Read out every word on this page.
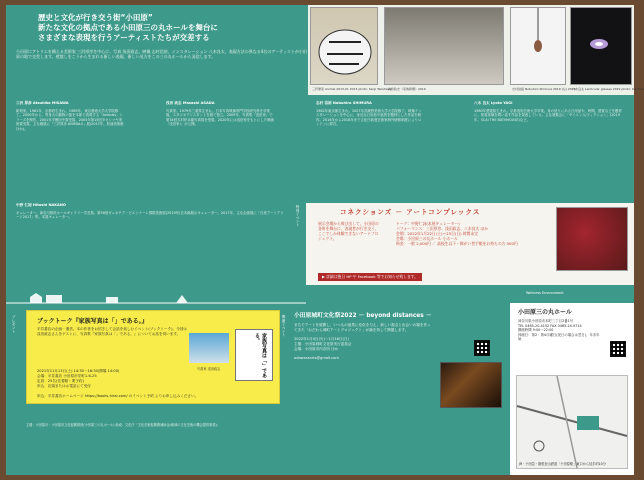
歴史と文化が行き交う街“小田原”
新たな文化の拠点である小田原三の丸ホールを舞台に
さまざまな表現を行うアーティストたちが交差する
小田原にアトリエを構える美術家 三沢厚彦を中心に、写真 浅田政志、映像 志村信裕、インスタレーション 八木良太、表現方法の異なる4名のアーティストが小田原の地で交差します。壁越しをこうから生まれる新しい表現、新しい見方をこの三の丸ホールから発信します。
三沢厚彦 Animal 2013-01 2013 photo: Kenji Takahashi
浅田政志《家族新聞》2019	志村信裕 Nobuhiro Shimura 2019 (左) 2018
八木良太 Lenticular glasses 2019 photo: Kei Kato
三沢 厚彦 Atsuhiko MISAWA
彫刻家。1961年、京都府生まれ。1989年、東京藝術大学大学院修了。2000年から、等身大の動物の姿を木彫で表現する「Animals」シリーズを制作。2001年平櫛田中賞受賞、2005年第15回タカシマヤ美術賞受賞。主な個展に「三沢厚彦 ANIMALS」展(2017年、松濤美術館ほか)。
浅田 政志 Masashi ASADA
写真家。1979年三重県生まれ。日本写真映像専門学校研究科を卒業後、スタジオアシスタントを経て独立。2009年、写真集「浅田家」で第34回木村伊兵衛写真賞を受賞。2020年には浅田家をもとにした映画「浅田家!」が公開。
志村 信裕 Nobuhiro SHIMURA
1982年東京都生まれ。2007年武蔵野美術大学大学院修了。映像インスタレーションを中心に、身近な日用品や風景を題材にした作品を制作。2016年から2018年まで文化庁新進芸術家海外研修制度によりロンドンに滞在。
八木 良太 Lyota YAGI
1980年愛媛県生まれ。京都造形芸術大学卒業。身の回りにある日用品や、時間、感覚などを題材に、知覚体験を問い直す作品を発表している。主な展覧会に「サイエンス/フィクション」(2019年、SCAI THE BATHHOUSE)など。
中野 仁詞 Hitoshi NAKANO
キュレーター。神奈川県民ホールギャラリー学芸員。第58回ヴェネチア・ビエンナーレ国際美術展(2019年)日本館展示キュレーター。2017年、主な企画展に「日産アートアワード2017」等。本展キュレーター。	特別イベント	コネクションズ － アートコンプレックス
展示会場から飛び出して、小田原の各所を舞台に、表現者が行き交う、ここでしか体験できないアートプロジェクト。
トーク：中野仁詞(本展キュレーター)
パフォーマンス：三沢厚彦、浅田政志、八木良太 ほか
会期：2022年1月22日(土)〜23日(日) 時間未定
会場：小田原三の丸ホール 小ホール
料金：一般 2,000円 ／ 高校生以下・障がい者手帳をお持ちの方 500円
▶ 詳細は後日 HP や Facebook 等でお知らせ致します。
Wellness Environment
プレゼント	ブックトーク『家族写真は「」である。』
平井書店の企画・運営。本の作者をお招きして会話を楽しむイベント(ブックトーク)。今回は浅田政志さんをゲストに、写真集『家族写真は「」である。』についてお話を伺います。
2021年11月13日(土) 14:30〜16:30(開場 14:00)
会場：平井書店 小田原市栄町1-6-25
定員：25名(先着順・要予約)
申込：店頭またはお電話にて受付
写真家 浅田政志	家族写真は「」である。
申込：平井書店ホームページ https://books-hirai.com/ のイベント予約 よりお申し込みください。
関連イベント 小田原城町文化祭2022 － beyond distances －
まちでアートを展開し、いつもの風景に変化を与え、新しい視点と出会いの場を作ってきた「おだわら城町アートプロジェクト」が満を持して開催します。
2022年1月4日(火)〜1月16日(日)
主催：小田原城町文化祭実行委員会
会場：小田原市内各所 ほか
odawaraarts@gmail.com
小田原三の丸ホール
神奈川県小田原市本町三丁目2番1号
TEL 0465-20-4152 FAX 0465-24-5714
開館時間 9:00〜22:00
休館日：第2・第4月曜日(祝日の場合は翌日)、年末年始
JR・小田急・箱根登山鉄道「小田原駅」東口から徒歩約10分
主催：小田原市・小田原市文化振興財団(小田原三の丸ホール) 助成：文化庁「文化芸術振興費補助金(地域の文化芸術の機会提供事業)」
